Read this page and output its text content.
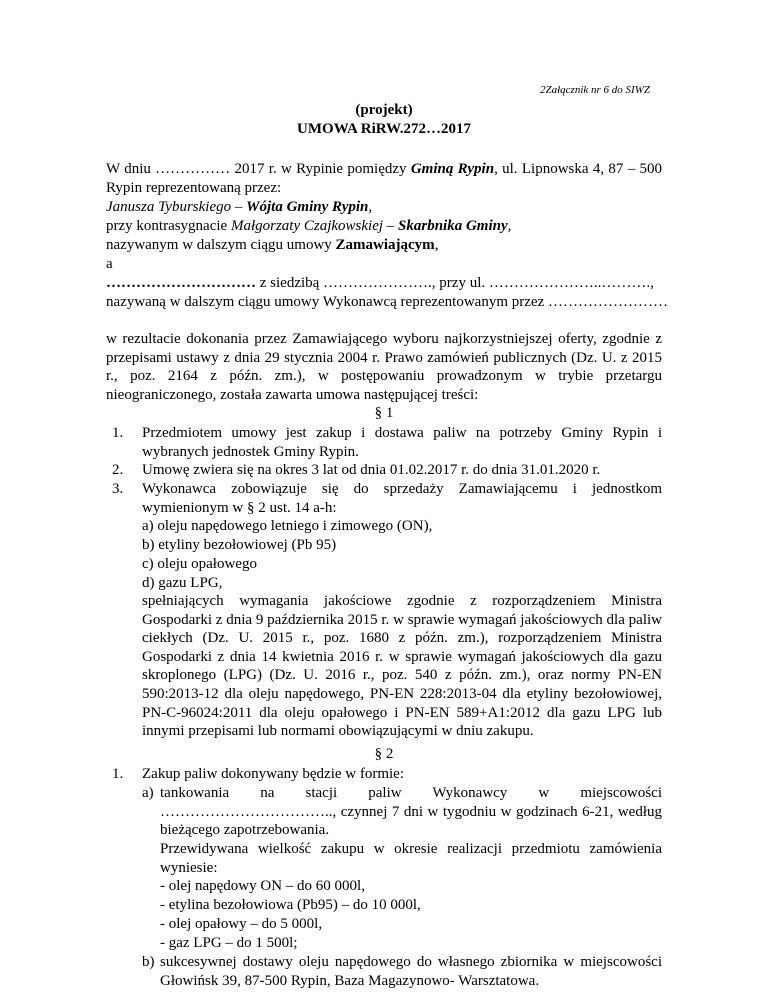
2Załącznik nr 6 do SIWZ
(projekt)
UMOWA RiRW.272…2017
W dniu …………… 2017 r. w Rypinie pomiędzy Gminą Rypin, ul. Lipnowska 4, 87 – 500
Rypin reprezentowaną przez:
Janusza Tyburskiego – Wójta Gminy Rypin,
przy kontrasygnacie Małgorzaty Czajkowskiej – Skarbnika Gminy,
nazywanym w dalszym ciągu umowy Zamawiającym,
a
………………………… z siedzibą …………………., przy ul. …………………..……….,
nazywaną w dalszym ciągu umowy Wykonawcą reprezentowanym przez ……………………
w rezultacie dokonania przez Zamawiającego wyboru najkorzystniejszej oferty, zgodnie z przepisami ustawy z dnia 29 stycznia 2004 r. Prawo zamówień publicznych (Dz. U. z 2015 r., poz. 2164 z późn. zm.), w postępowaniu prowadzonym w trybie przetargu nieograniczonego, została zawarta umowa następującej treści:
§ 1
1. Przedmiotem umowy jest zakup i dostawa paliw na potrzeby Gminy Rypin i wybranych jednostek Gminy Rypin.
2. Umowę zwiera się na okres 3 lat od dnia 01.02.2017 r. do dnia 31.01.2020 r.
3. Wykonawca zobowiązuje się do sprzedaży Zamawiającemu i jednostkom wymienionym w § 2 ust. 14 a-h:
a) oleju napędowego letniego i zimowego (ON),
b) etyliny bezołowiowej (Pb 95)
c) oleju opałowego
d) gazu LPG,
spełniających wymagania jakościowe zgodnie z rozporządzeniem Ministra Gospodarki z dnia 9 października 2015 r. w sprawie wymagań jakościowych dla paliw ciekłych (Dz. U. 2015 r., poz. 1680 z późn. zm.), rozporządzeniem Ministra Gospodarki z dnia 14 kwietnia 2016 r. w sprawie wymagań jakościowych dla gazu skroplonego (LPG) (Dz. U. 2016 r., poz. 540 z późn. zm.), oraz normy PN-EN 590:2013-12 dla oleju napędowego, PN-EN 228:2013-04 dla etyliny bezołowiowej, PN-C-96024:2011 dla oleju opałowego i PN-EN 589+A1:2012 dla gazu LPG lub innymi przepisami lub normami obowiązującymi w dniu zakupu.
§ 2
1. Zakup paliw dokonywany będzie w formie:
a) tankowania na stacji paliw Wykonawcy w miejscowości …………………………….., czynnej 7 dni w tygodniu w godzinach 6-21, według bieżącego zapotrzebowania.
Przewidywana wielkość zakupu w okresie realizacji przedmiotu zamówienia wyniesie:
- olej napędowy ON – do 60 000l,
- etylina bezołowiowa (Pb95) – do 10 000l,
- olej opałowy – do 5 000l,
- gaz LPG – do 1 500l;
b) sukcesywnej dostawy oleju napędowego do własnego zbiornika w miejscowości Głowińsk 39, 87-500 Rypin, Baza Magazynowo- Warsztatowa.
